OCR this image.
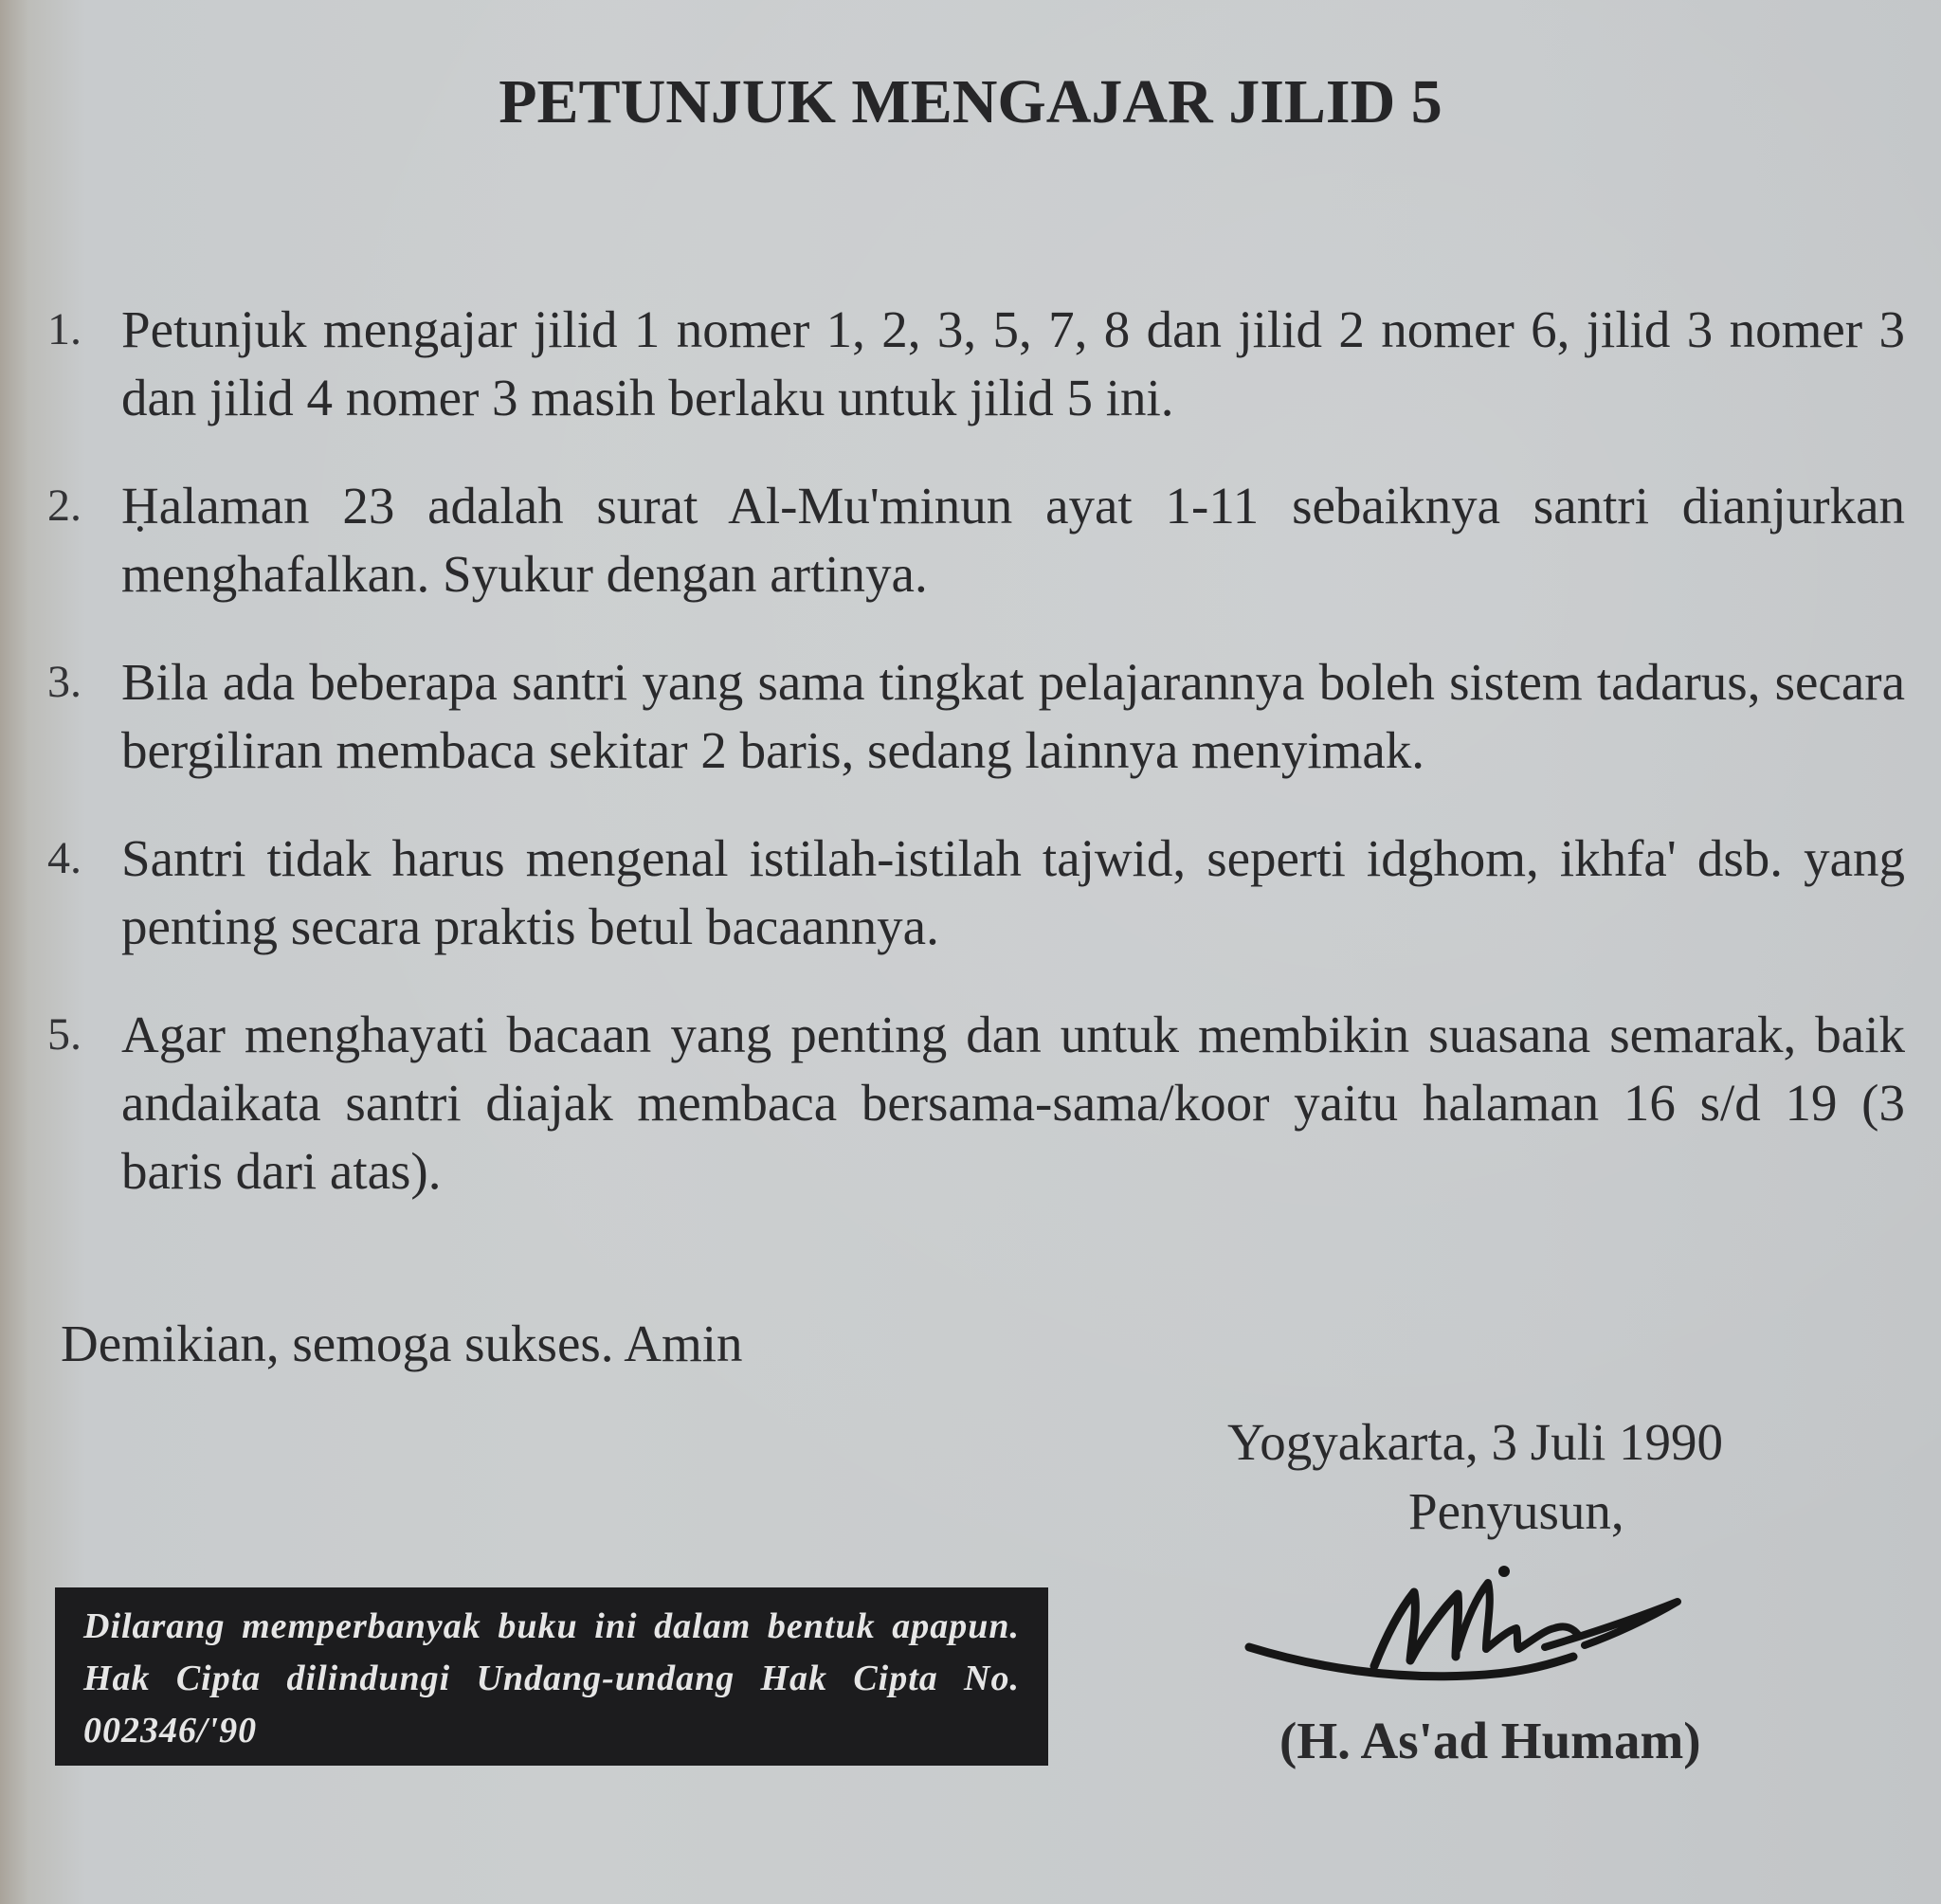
PETUNJUK MENGAJAR JILID 5
1. Petunjuk mengajar jilid 1 nomer 1, 2, 3, 5, 7, 8 dan jilid 2 nomer 6, jilid 3 nomer 3 dan jilid 4 nomer 3 masih berlaku untuk jilid 5 ini.
2. Ḥalaman 23 adalah surat Al-Mu'minun ayat 1-11 sebaiknya santri dianjurkan menghafalkan. Syukur dengan artinya.
3. Bila ada beberapa santri yang sama tingkat pelajarannya boleh sistem tadarus, secara bergiliran membaca sekitar 2 baris, sedang lainnya menyimak.
4. Santri tidak harus mengenal istilah-istilah tajwid, seperti idghom, ikhfa' dsb. yang penting secara praktis betul bacaannya.
5. Agar menghayati bacaan yang penting dan untuk membikin suasana semarak, baik andaikata santri diajak membaca bersama-sama/koor yaitu halaman 16 s/d 19 (3 baris dari atas).
Demikian, semoga sukses. Amin
Yogyakarta, 3 Juli 1990
Penyusun,
(H. As'ad Humam)
Dilarang memperbanyak buku ini dalam bentuk apapun. Hak Cipta dilindungi Undang-undang Hak Cipta No. 002346/'90
